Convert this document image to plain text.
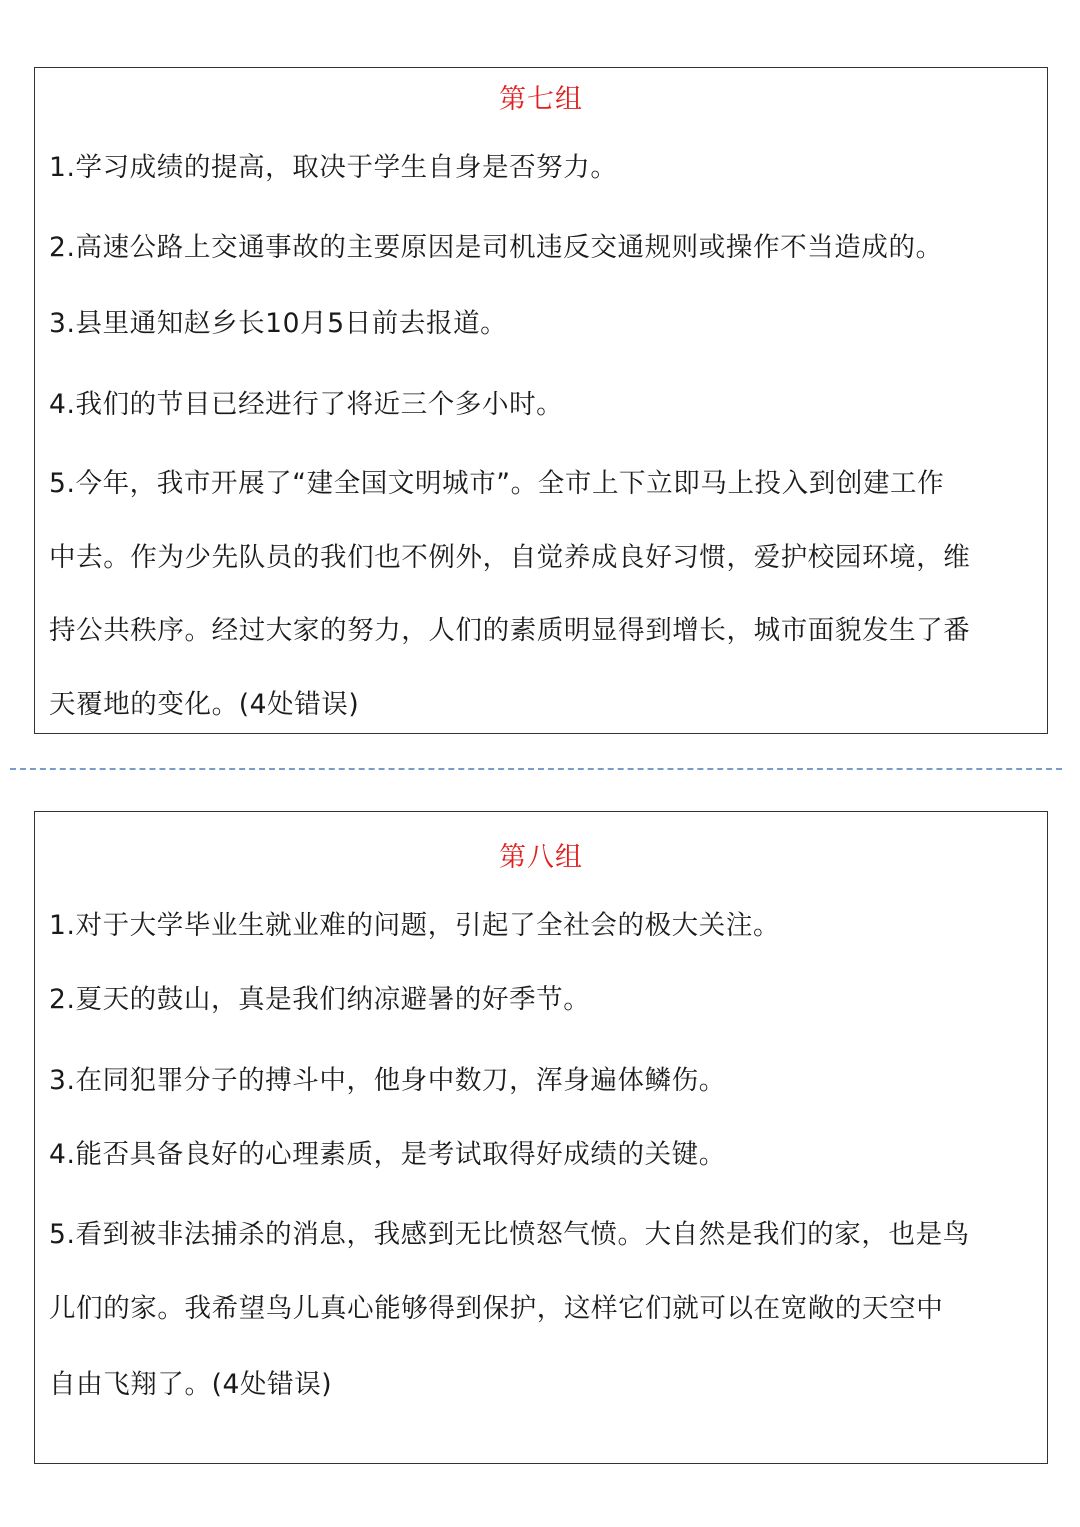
第七组
1.学习成绩的提高，取决于学生自身是否努力。
2.高速公路上交通事故的主要原因是司机违反交通规则或操作不当造成的。
3.县里通知赵乡长10月5日前去报道。
4.我们的节目已经进行了将近三个多小时。
5.今年，我市开展了“建全国文明城市”。全市上下立即马上投入到创建工作
中去。作为少先队员的我们也不例外，自觉养成良好习惯，爱护校园环境，维
持公共秩序。经过大家的努力，人们的素质明显得到增长，城市面貌发生了番
天覆地的变化。(4处错误)
第八组
1.对于大学毕业生就业难的问题，引起了全社会的极大关注。
2.夏天的鼓山，真是我们纳凉避暑的好季节。
3.在同犯罪分子的搏斗中，他身中数刀，浑身遍体鳞伤。
4.能否具备良好的心理素质，是考试取得好成绩的关键。
5.看到被非法捕杀的消息，我感到无比愤怒气愤。大自然是我们的家，也是鸟
儿们的家。我希望鸟儿真心能够得到保护，这样它们就可以在宽敞的天空中
自由飞翔了。(4处错误)
